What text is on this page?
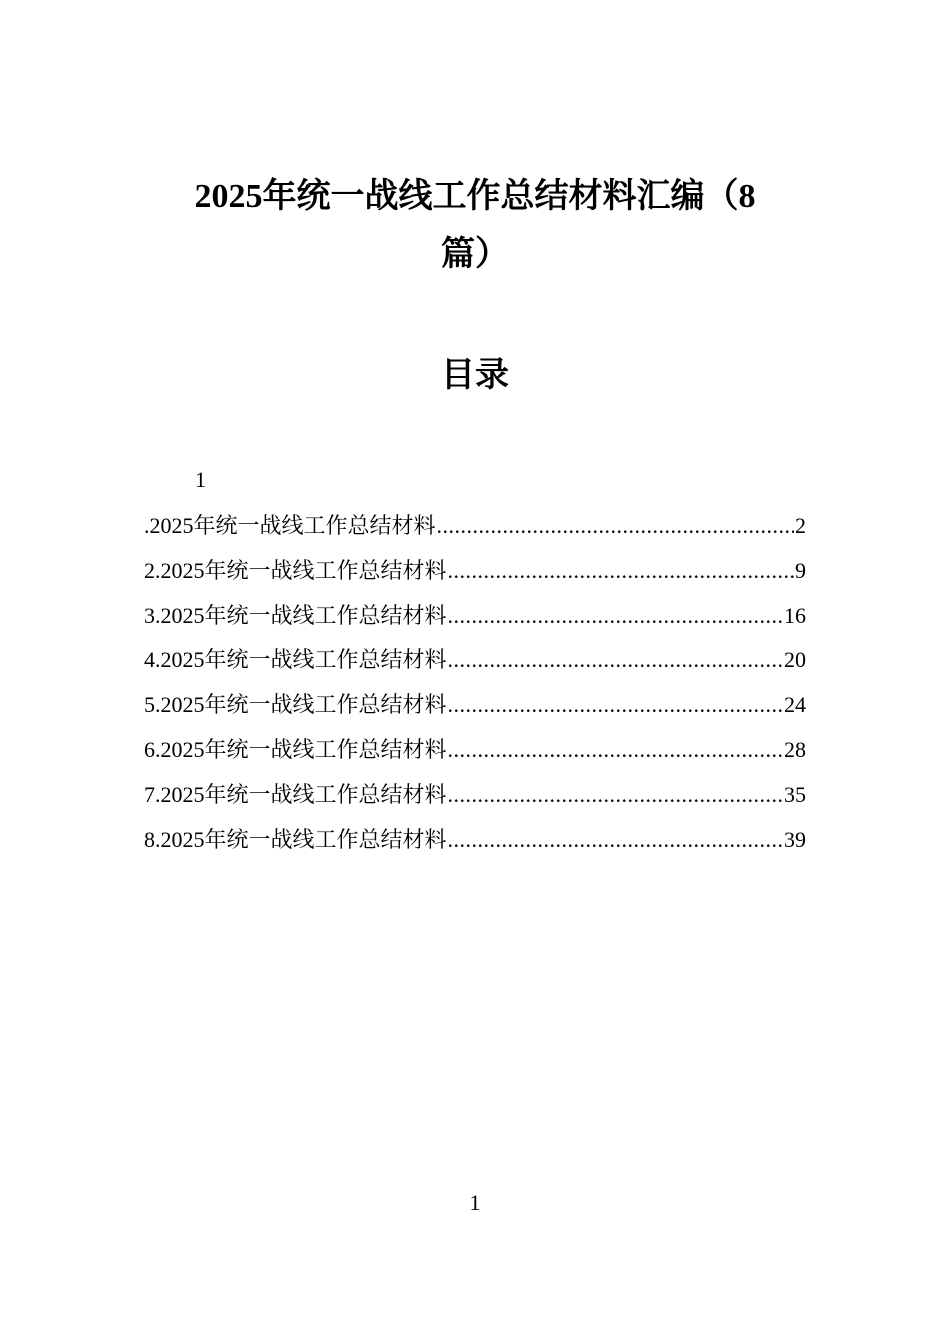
2025年统一战线工作总结材料汇编（8篇）
目录
1
.2025年统一战线工作总结材料 .....	2
2.2025年统一战线工作总结材料 .....	9
3.2025年统一战线工作总结材料 .....	16
4.2025年统一战线工作总结材料 .....	20
5.2025年统一战线工作总结材料 .....	24
6.2025年统一战线工作总结材料 .....	28
7.2025年统一战线工作总结材料 .....	35
8.2025年统一战线工作总结材料 .....	39
1
